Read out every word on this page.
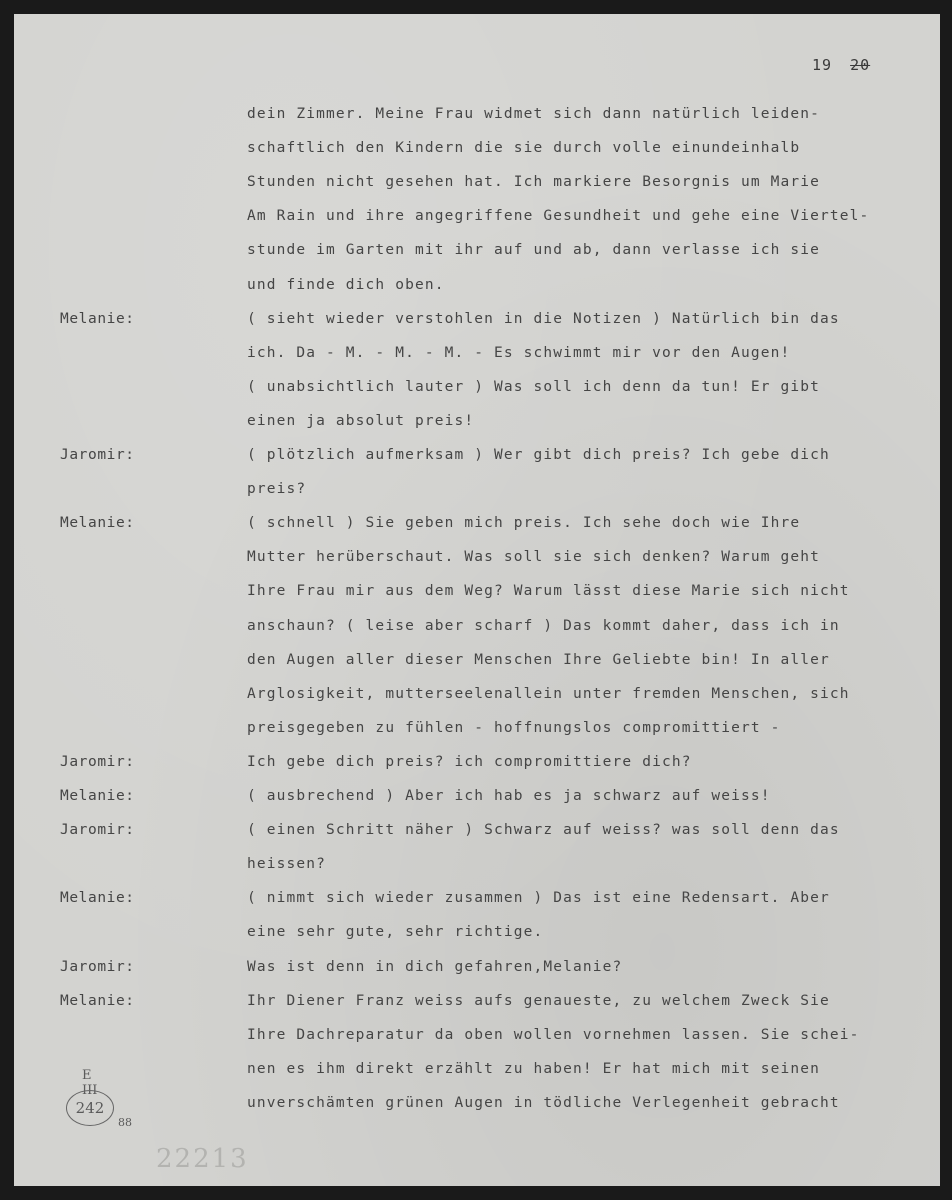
19 20
dein Zimmer. Meine Frau widmet sich dann natürlich leiden-
schaftlich den Kindern die sie durch volle einundeinhalb
Stunden nicht gesehen hat. Ich markiere Besorgnis um Marie
Am Rain und ihre angegriffene Gesundheit und gehe eine Viertel-
stunde im Garten mit ihr auf und ab, dann verlasse ich sie
und finde dich oben.
Melanie:	( sieht wieder verstohlen in die Notizen ) Natürlich bin das
ich. Da - M. - M. - M. - Es schwimmt mir vor den Augen!
( unabsichtlich lauter ) Was soll ich denn da tun! Er gibt
einen ja absolut preis!
Jaromir:	( plötzlich aufmerksam ) Wer gibt dich preis? Ich gebe dich
preis?
Melanie:	( schnell ) Sie geben mich preis. Ich sehe doch wie Ihre
Mutter herüberschaut. Was soll sie sich denken? Warum geht
Ihre Frau mir aus dem Weg? Warum lässt diese Marie sich nicht
anschaun? ( leise aber scharf ) Das kommt daher, dass ich in
den Augen aller dieser Menschen Ihre Geliebte bin! In aller
Arglosigkeit, mutterseelenallein unter fremden Menschen, sich
preisgegeben zu fühlen - hoffnungslos compromittiert -
Jaromir:	Ich gebe dich preis? ich compromittiere dich?
Melanie:	( ausbrechend ) Aber ich hab es ja schwarz auf weiss!
Jaromir:	( einen Schritt näher ) Schwarz auf weiss? was soll denn das
heissen?
Melanie:	( nimmt sich wieder zusammen ) Das ist eine Redensart. Aber
eine sehr gute, sehr richtige.
Jaromir:	Was ist denn in dich gefahren,Melanie?
Melanie:	Ihr Diener Franz weiss aufs genaueste, zu welchem Zweck Sie
Ihre Dachreparatur da oben wollen vornehmen lassen. Sie schei-
nen es ihm direkt erzählt zu haben! Er hat mich mit seinen
unverschämten grünen Augen in tödliche Verlegenheit gebracht
E III
242
88
22213
